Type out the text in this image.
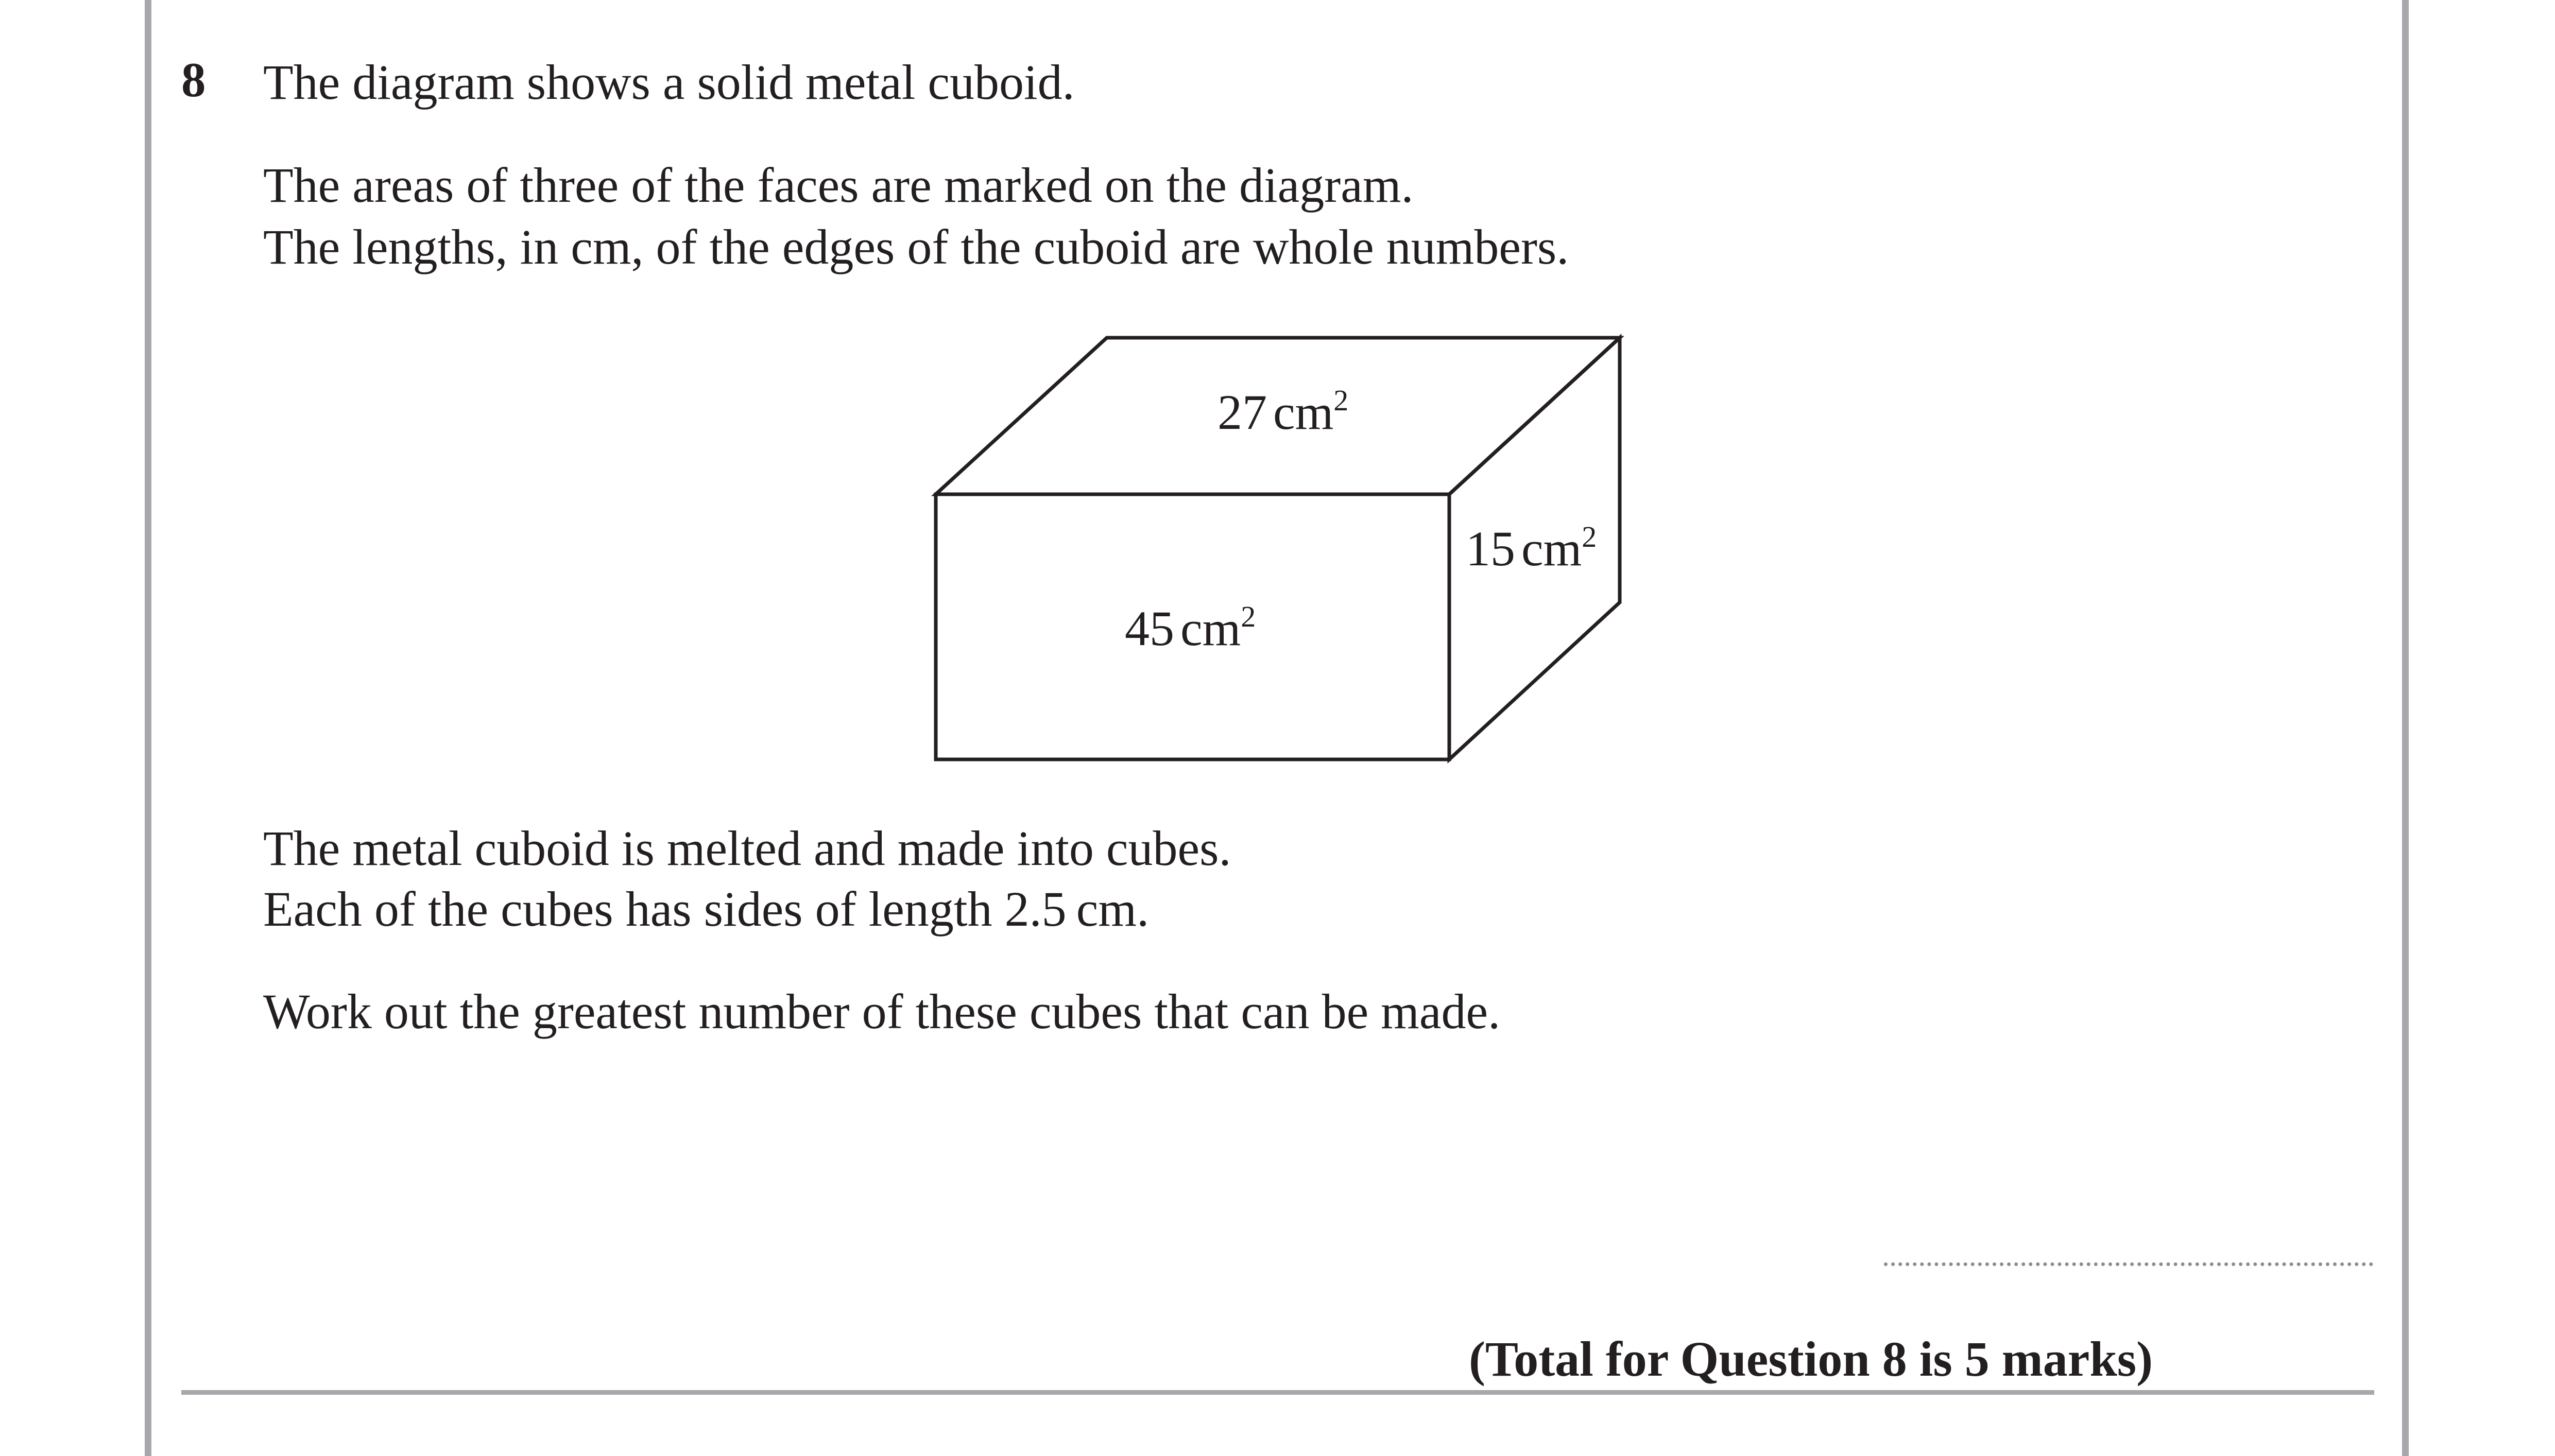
8 The diagram shows a solid metal cuboid.
The areas of three of the faces are marked on the diagram.
The lengths, in cm, of the edges of the cuboid are whole numbers.
27 $cm^2$
45 $cm^2$
15 $cm^2$
The metal cuboid is melted and made into cubes.
Each of the cubes has sides of length 2.5 cm.
Work out the greatest number of these cubes that can be made.
(Total for Question 8 is 5 marks)
